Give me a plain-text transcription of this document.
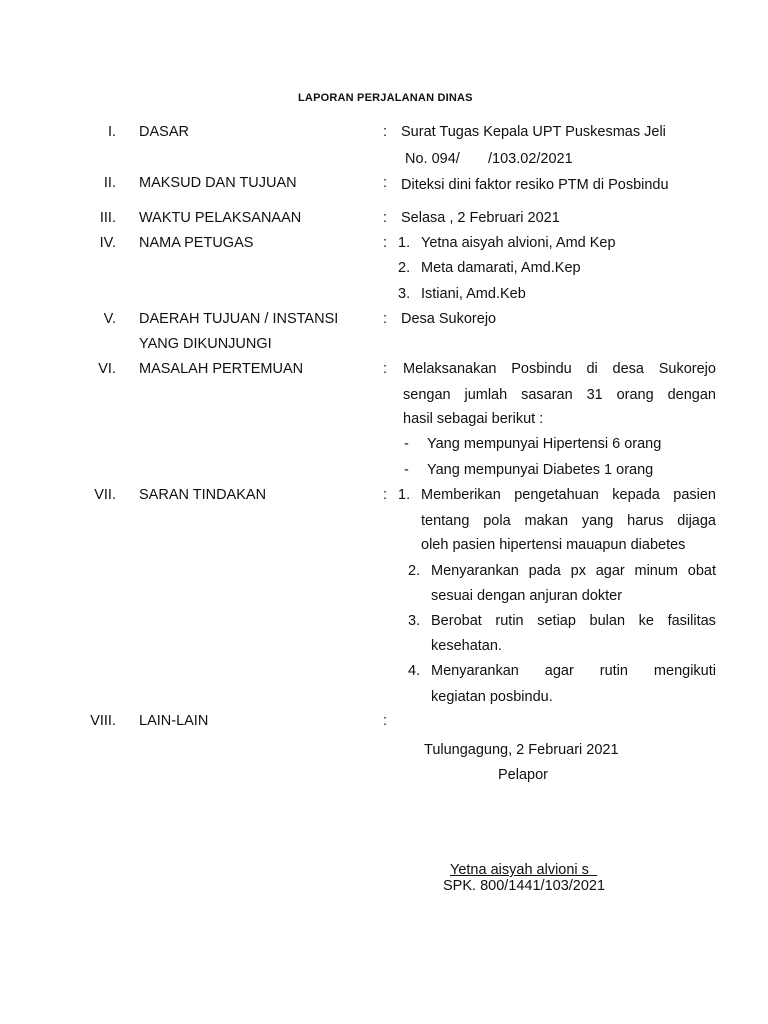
LAPORAN PERJALANAN DINAS
I. DASAR	: Surat Tugas Kepala UPT Puskesmas Jeli
No. 094/       /103.02/2021
II. MAKSUD DAN TUJUAN	: Diteksi dini faktor resiko PTM di Posbindu
III. WAKTU PELAKSANAAN	: Selasa , 2 Februari 2021
IV. NAMA PETUGAS	: 1. Yetna aisyah alvioni, Amd Kep
2. Meta damarati, Amd.Kep
3. Istiani, Amd.Keb
V. DAERAH TUJUAN / INSTANSI
YANG DIKUNJUNGI
: Desa Sukorejo
VI. MASALAH PERTEMUAN	: Melaksanakan Posbindu di desa Sukorejo
sengan jumlah sasaran 31 orang dengan
hasil sebagai berikut :
- Yang mempunyai Hipertensi 6 orang
- Yang mempunyai Diabetes 1 orang
VII. SARAN TINDAKAN	: 1. Memberikan pengetahuan kepada pasien
tentang pola makan yang harus dijaga
oleh pasien hipertensi mauapun diabetes
2. Menyarankan pada px agar minum obat
sesuai dengan anjuran dokter
3. Berobat rutin setiap bulan ke fasilitas
kesehatan.
4. Menyarankan agar rutin mengikuti
kegiatan posbindu.
VIII. LAIN-LAIN	:
Tulungagung, 2 Februari 2021
Pelapor
Yetna aisyah alvioni s
SPK. 800/1441/103/2021
